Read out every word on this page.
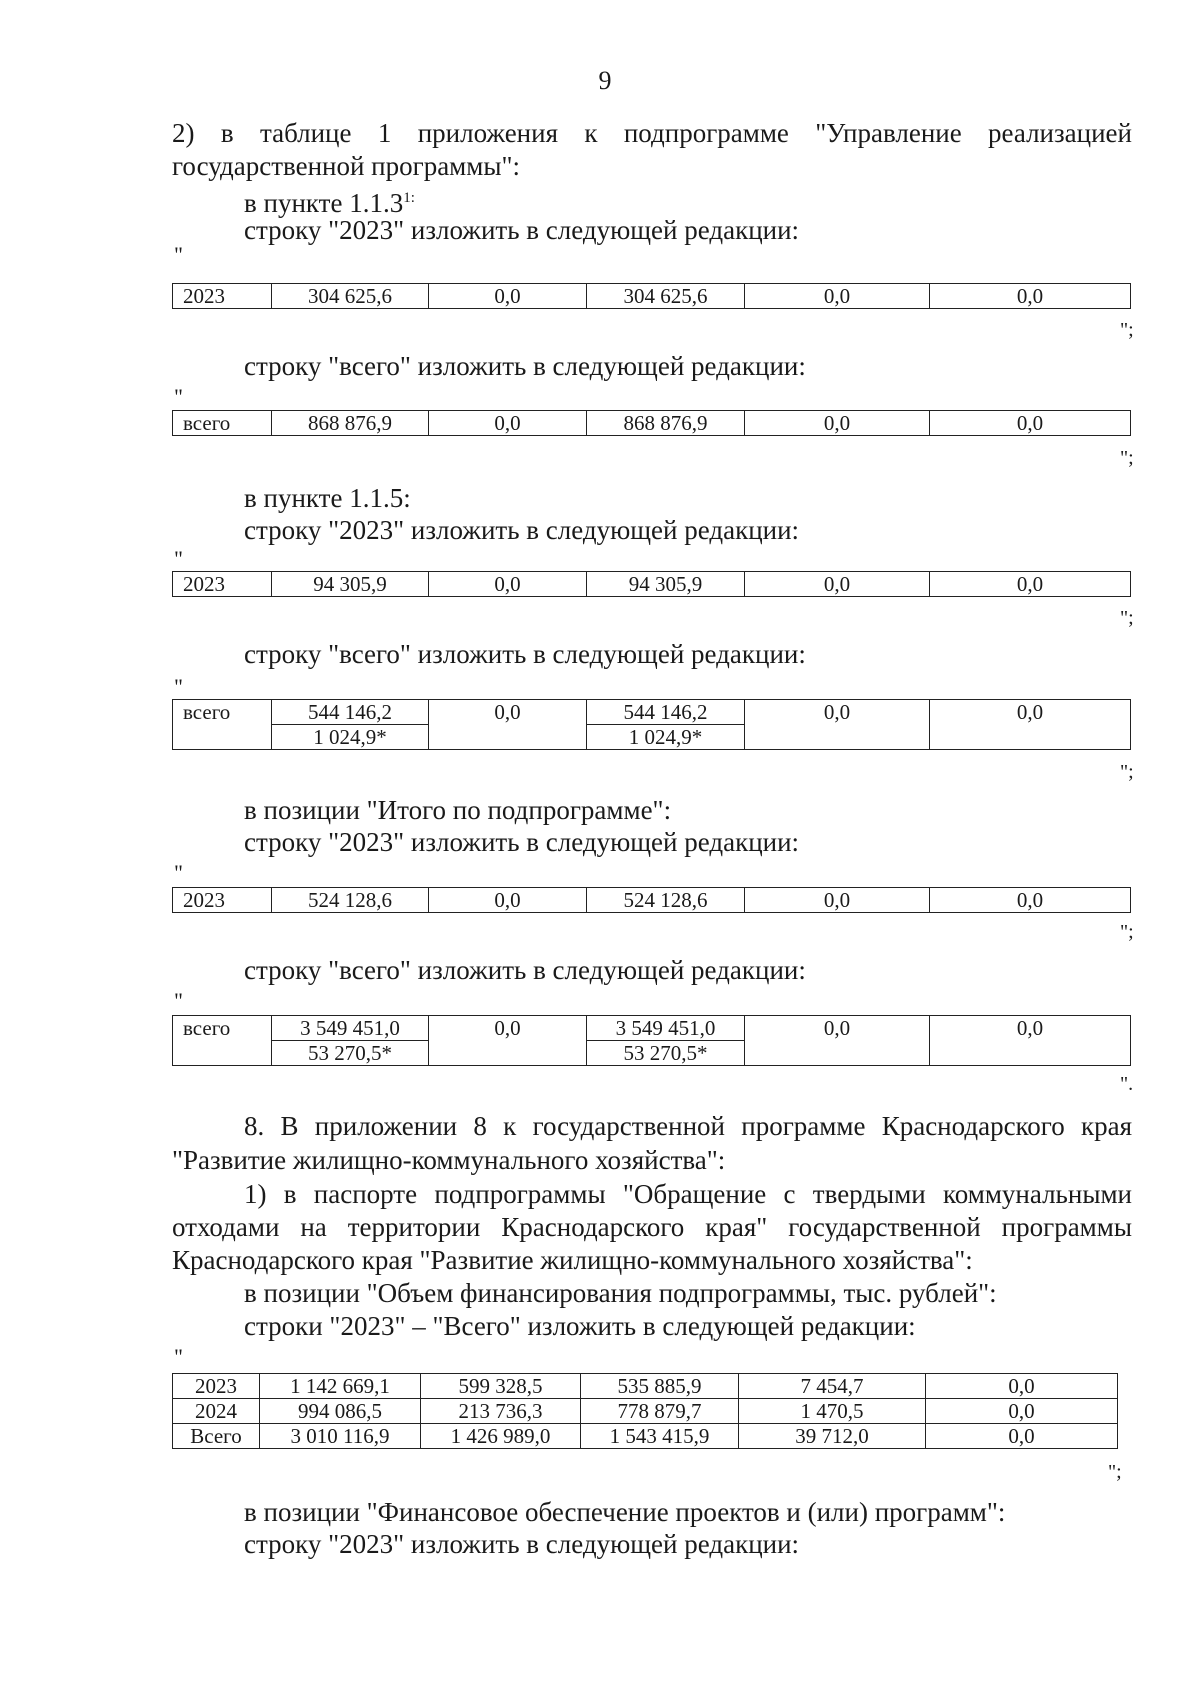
9
2) в таблице 1 приложения к подпрограмме "Управление реализацией
государственной программы":
в пункте $1.1.3^{1:}$
строку "2023" изложить в следующей редакции:
"
2023	304 625,6	0,0	304 625,6	0,0	0,0
";
строку "всего" изложить в следующей редакции:
"
всего	868 876,9	0,0	868 876,9	0,0	0,0
";
в пункте 1.1.5:
строку "2023" изложить в следующей редакции:
"
2023	94 305,9	0,0	94 305,9	0,0	0,0
";
строку "всего" изложить в следующей редакции:
"
всего	544 146,2	0,0	544 146,2	0,0	0,0
	1 024,9*		1 024,9*		
";
в позиции "Итого по подпрограмме":
строку "2023" изложить в следующей редакции:
"
2023	524 128,6	0,0	524 128,6	0,0	0,0
";
строку "всего" изложить в следующей редакции:
"
всего	3 549 451,0	0,0	3 549 451,0	0,0	0,0
	53 270,5*		53 270,5*		
".
8. В приложении 8 к государственной программе Краснодарского края
"Развитие жилищно-коммунального хозяйства":
1) в паспорте подпрограммы "Обращение с твердыми коммунальными
отходами на территории Краснодарского края" государственной программы
Краснодарского края "Развитие жилищно-коммунального хозяйства":
в позиции "Объем финансирования подпрограммы, тыс. рублей":
строки "2023" – "Всего" изложить в следующей редакции:
"
2023	1 142 669,1	599 328,5	535 885,9	7 454,7	0,0
2024	994 086,5	213 736,3	778 879,7	1 470,5	0,0
Всего	3 010 116,9	1 426 989,0	1 543 415,9	39 712,0	0,0
";
в позиции "Финансовое обеспечение проектов и (или) программ":
строку "2023" изложить в следующей редакции:
